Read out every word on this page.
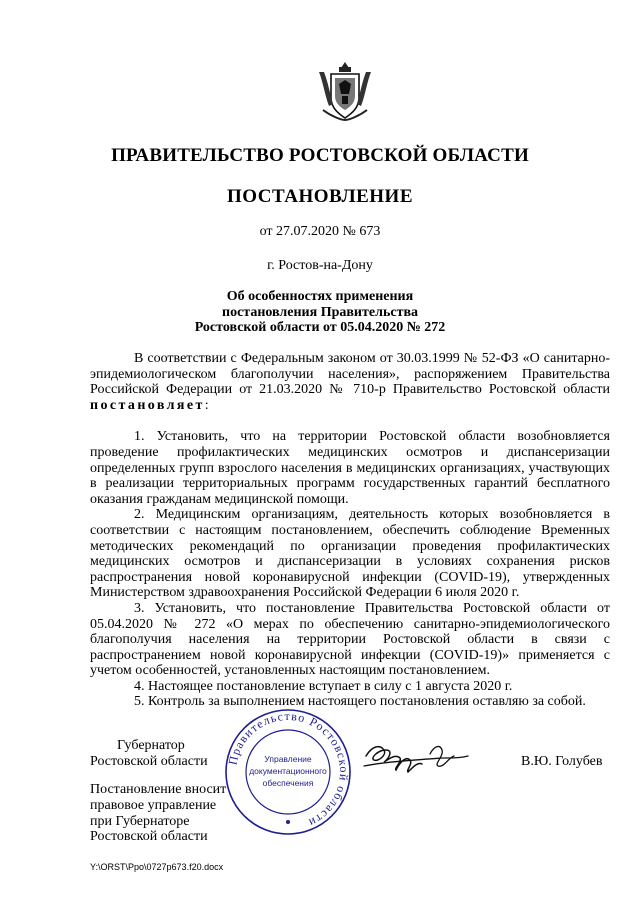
ПРАВИТЕЛЬСТВО РОСТОВСКОЙ ОБЛАСТИ
ПОСТАНОВЛЕНИЕ
от 27.07.2020 № 673
г. Ростов-на-Дону
Об особенностях применения
постановления Правительства
Ростовской области от 05.04.2020 № 272

В соответствии с Федеральным законом от 30.03.1999 № 52-ФЗ «О санитарно-эпидемиологическом благополучии населения», распоряжением Правительства Российской Федерации от 21.03.2020 № 710-р Правительство Ростовской области постановляет:

1. Установить, что на территории Ростовской области возобновляется проведение профилактических медицинских осмотров и диспансеризации определенных групп взрослого населения в медицинских организациях, участвующих в реализации территориальных программ государственных гарантий бесплатного оказания гражданам медицинской помощи.

2. Медицинским организациям, деятельность которых возобновляется в соответствии с настоящим постановлением, обеспечить соблюдение Временных методических рекомендаций по организации проведения профилактических медицинских осмотров и диспансеризации в условиях сохранения рисков распространения новой коронавирусной инфекции (COVID-19), утвержденных Министерством здравоохранения Российской Федерации 6 июля 2020 г.

3. Установить, что постановление Правительства Ростовской области от 05.04.2020 № 272 «О мерах по обеспечению санитарно-эпидемиологического благополучия населения на территории Ростовской области в связи с распространением новой коронавирусной инфекции (COVID-19)» применяется с учетом особенностей, установленных настоящим постановлением.

4. Настоящее постановление вступает в силу с 1 августа 2020 г.

5. Контроль за выполнением настоящего постановления оставляю за собой.

Правительство Ростовской области
Управление
документационного
обеспечения
Губернатор
Ростовской области	В.Ю. Голубев
Постановление вносит
правовое управление
при Губернаторе
Ростовской области
Y:\ORST\Ppo\0727p673.f20.docx
